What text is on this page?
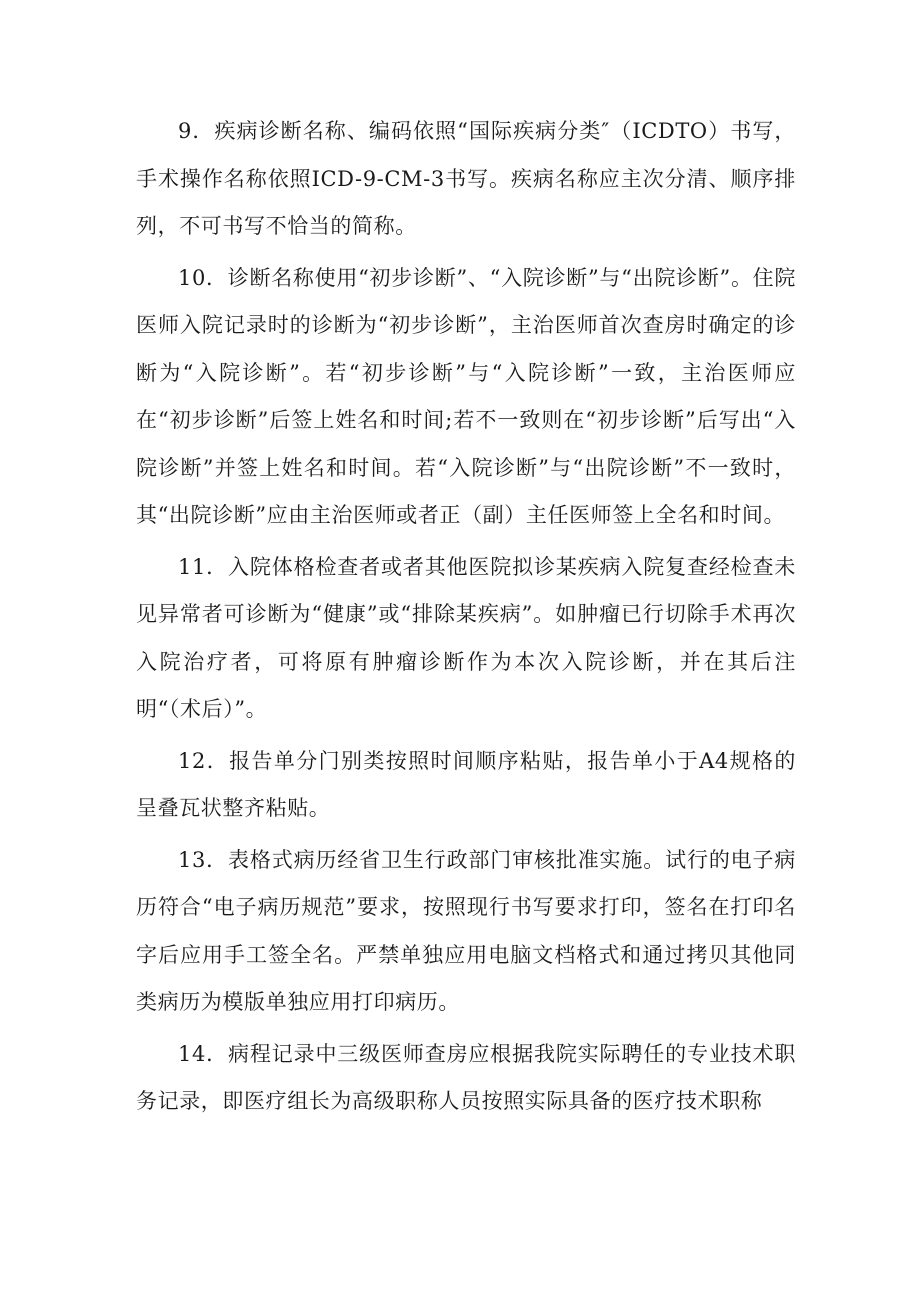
9．疾病诊断名称、编码依照“国际疾病分类″（ICDTO）书写，手术操作名称依照ICD-9-CM-3书写。疾病名称应主次分清、顺序排列，不可书写不恰当的简称。

10．诊断名称使用“初步诊断”、“入院诊断”与“出院诊断”。住院医师入院记录时的诊断为“初步诊断”，主治医师首次查房时确定的诊断为“入院诊断”。若“初步诊断”与“入院诊断”一致，主治医师应在“初步诊断”后签上姓名和时间;若不一致则在“初步诊断”后写出“入院诊断”并签上姓名和时间。若“入院诊断”与“出院诊断”不一致时，其“出院诊断”应由主治医师或者正（副）主任医师签上全名和时间。

11．入院体格检查者或者其他医院拟诊某疾病入院复查经检查未见异常者可诊断为“健康”或“排除某疾病”。如肿瘤已行切除手术再次入院治疗者，可将原有肿瘤诊断作为本次入院诊断，并在其后注明“（术后）”。

12．报告单分门别类按照时间顺序粘贴，报告单小于A4规格的呈叠瓦状整齐粘贴。

13．表格式病历经省卫生行政部门审核批准实施。试行的电子病历符合“电子病历规范”要求，按照现行书写要求打印，签名在打印名字后应用手工签全名。严禁单独应用电脑文档格式和通过拷贝其他同类病历为模版单独应用打印病历。

14．病程记录中三级医师查房应根据我院实际聘任的专业技术职务记录，即医疗组长为高级职称人员按照实际具备的医疗技术职称
